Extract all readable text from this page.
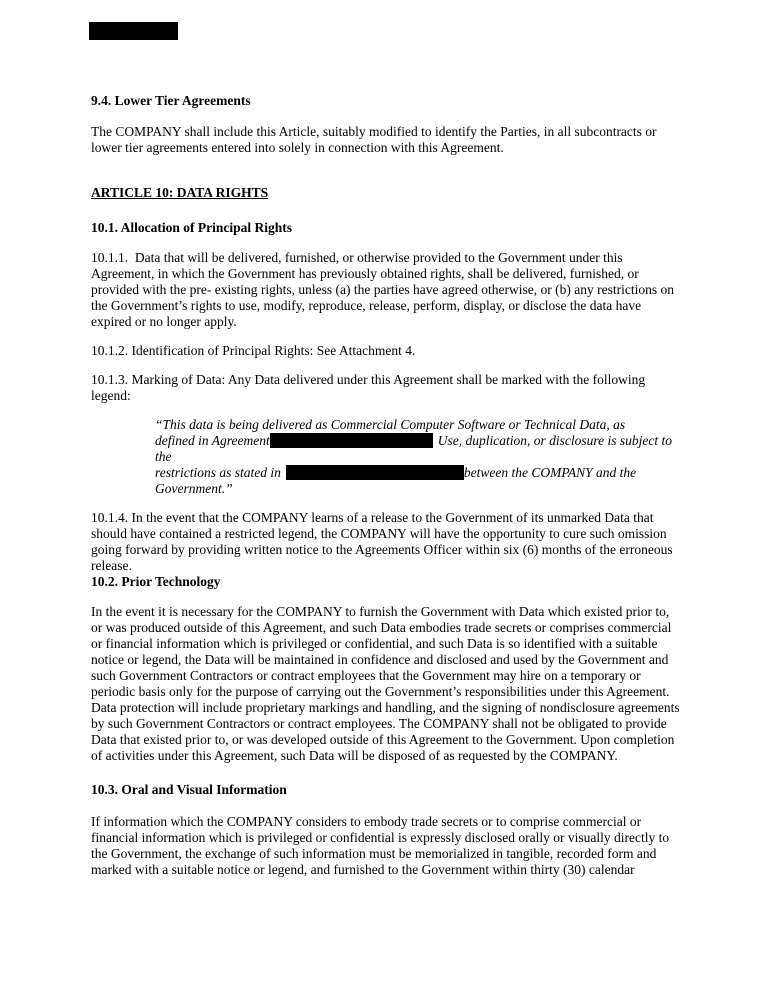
9.4. Lower Tier Agreements

The COMPANY shall include this Article, suitably modified to identify the Parties, in all subcontracts or lower tier agreements entered into solely in connection with this Agreement.

ARTICLE 10: DATA RIGHTS
10.1. Allocation of Principal Rights

10.1.1.  Data that will be delivered, furnished, or otherwise provided to the Government under this Agreement, in which the Government has previously obtained rights, shall be delivered, furnished, or provided with the pre- existing rights, unless (a) the parties have agreed otherwise, or (b) any restrictions on the Government’s rights to use, modify, reproduce, release, perform, display, or disclose the data have expired or no longer apply.

10.1.2. Identification of Principal Rights: See Attachment 4.

10.1.3. Marking of Data: Any Data delivered under this Agreement shall be marked with the following legend:

“This data is being delivered as Commercial Computer Software or Technical Data, as
defined in Agreement	Use, duplication, or disclosure is subject to the
restrictions as stated in	between the COMPANY and the
Government.”

10.1.4. In the event that the COMPANY learns of a release to the Government of its unmarked Data that should have contained a restricted legend, the COMPANY will have the opportunity to cure such omission going forward by providing written notice to the Agreements Officer within six (6) months of the erroneous release.

10.2. Prior Technology

In the event it is necessary for the COMPANY to furnish the Government with Data which existed prior to, or was produced outside of this Agreement, and such Data embodies trade secrets or comprises commercial or financial information which is privileged or confidential, and such Data is so identified with a suitable notice or legend, the Data will be maintained in confidence and disclosed and used by the Government and such Government Contractors or contract employees that the Government may hire on a temporary or periodic basis only for the purpose of carrying out the Government’s responsibilities under this Agreement. Data protection will include proprietary markings and handling, and the signing of nondisclosure agreements by such Government Contractors or contract employees. The COMPANY shall not be obligated to provide Data that existed prior to, or was developed outside of this Agreement to the Government. Upon completion of activities under this Agreement, such Data will be disposed of as requested by the COMPANY.

10.3. Oral and Visual Information

If information which the COMPANY considers to embody trade secrets or to comprise commercial or financial information which is privileged or confidential is expressly disclosed orally or visually directly to the Government, the exchange of such information must be memorialized in tangible, recorded form and marked with a suitable notice or legend, and furnished to the Government within thirty (30) calendar
